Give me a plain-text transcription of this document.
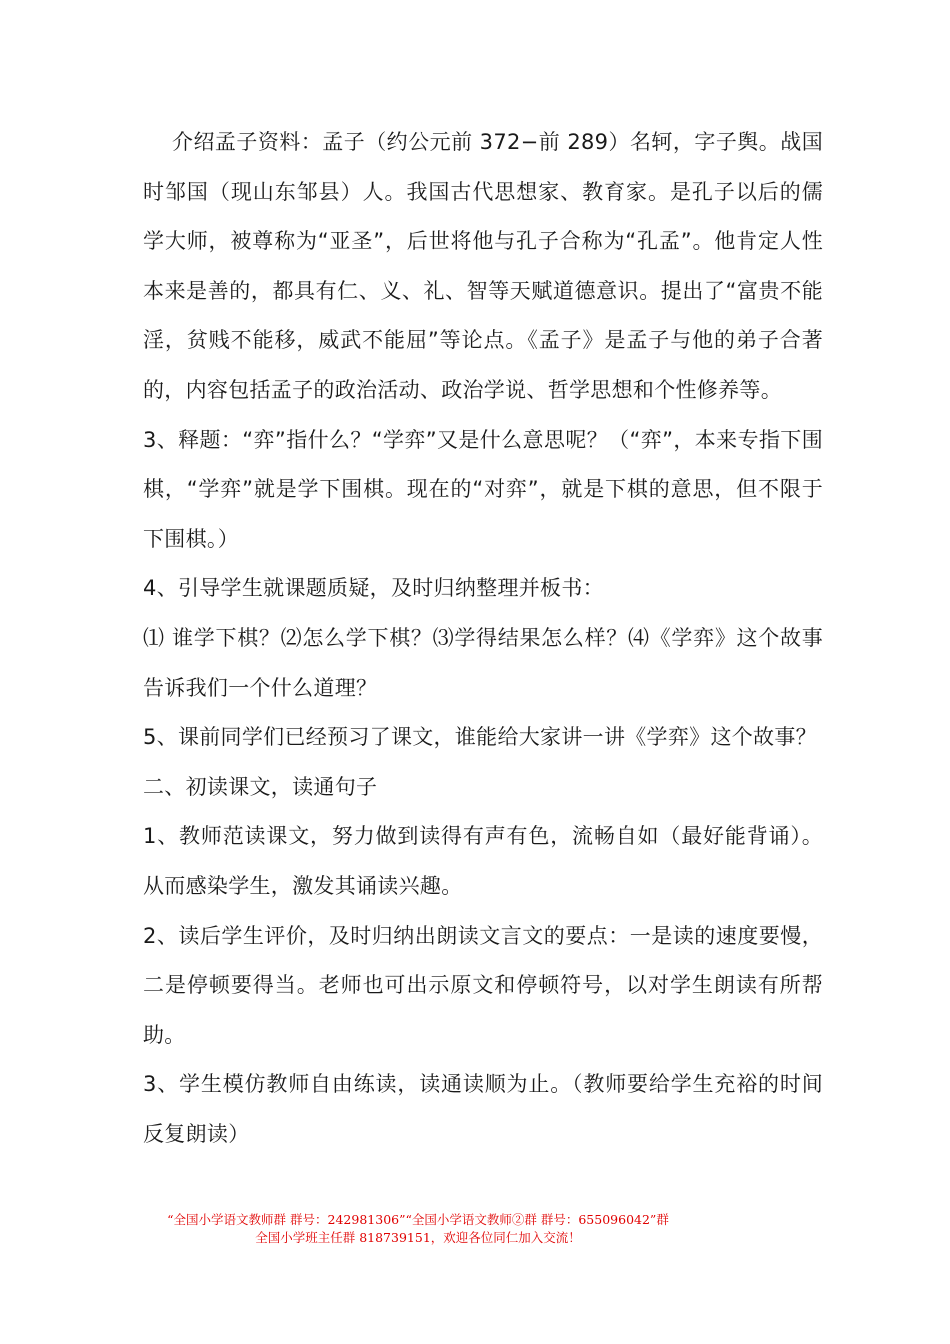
介绍孟子资料：孟子（约公元前 372−前 289）名轲，字子舆。战国时邹国（现山东邹县）人。我国古代思想家、教育家。是孔子以后的儒学大师，被尊称为“亚圣”，后世将他与孔子合称为“孔孟”。他肯定人性本来是善的，都具有仁、义、礼、智等天赋道德意识。提出了“富贵不能淫，贫贱不能移，威武不能屈”等论点。《孟子》是孟子与他的弟子合著的，内容包括孟子的政治活动、政治学说、哲学思想和个性修养等。

3、释题：“弈”指什么？“学弈”又是什么意思呢？（“弈”，本来专指下围棋，“学弈”就是学下围棋。现在的“对弈”，就是下棋的意思，但不限于下围棋。）

4、引导学生就课题质疑，及时归纳整理并板书：

⑴ 谁学下棋？⑵怎么学下棋？⑶学得结果怎么样？⑷《学弈》这个故事告诉我们一个什么道理？

5、课前同学们已经预习了课文，谁能给大家讲一讲《学弈》这个故事？

二、初读课文，读通句子

1、教师范读课文，努力做到读得有声有色，流畅自如（最好能背诵）。从而感染学生，激发其诵读兴趣。

2、读后学生评价，及时归纳出朗读文言文的要点：一是读的速度要慢，二是停顿要得当。老师也可出示原文和停顿符号，以对学生朗读有所帮助。

3、学生模仿教师自由练读，读通读顺为止。（教师要给学生充裕的时间反复朗读）

“全国小学语文教师群 群号：242981306”“全国小学语文教师②群 群号：655096042”群
全国小学班主任群 818739151，欢迎各位同仁加入交流！
